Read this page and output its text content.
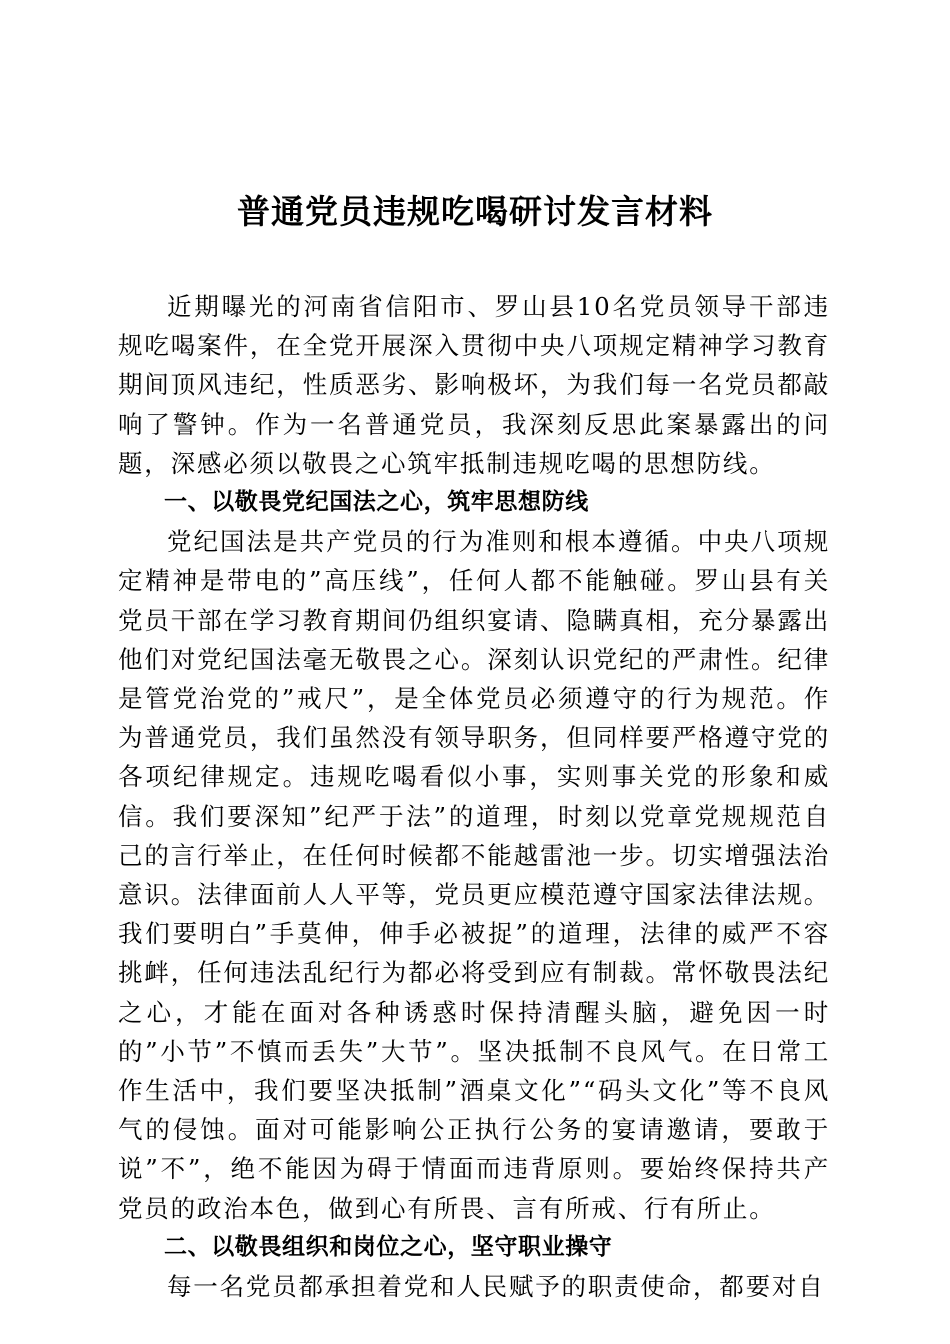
普通党员违规吃喝研讨发言材料

近期曝光的河南省信阳市、罗山县10名党员领导干部违规吃喝案件，在全党开展深入贯彻中央八项规定精神学习教育期间顶风违纪，性质恶劣、影响极坏，为我们每一名党员都敲响了警钟。作为一名普通党员，我深刻反思此案暴露出的问题，深感必须以敬畏之心筑牢抵制违规吃喝的思想防线。

一、以敬畏党纪国法之心，筑牢思想防线

党纪国法是共产党员的行为准则和根本遵循。中央八项规定精神是带电的”高压线”，任何人都不能触碰。罗山县有关党员干部在学习教育期间仍组织宴请、隐瞒真相，充分暴露出他们对党纪国法毫无敬畏之心。深刻认识党纪的严肃性。纪律是管党治党的”戒尺”，是全体党员必须遵守的行为规范。作为普通党员，我们虽然没有领导职务，但同样要严格遵守党的各项纪律规定。违规吃喝看似小事，实则事关党的形象和威信。我们要深知”纪严于法”的道理，时刻以党章党规规范自己的言行举止，在任何时候都不能越雷池一步。切实增强法治意识。法律面前人人平等，党员更应模范遵守国家法律法规。我们要明白”手莫伸，伸手必被捉”的道理，法律的威严不容挑衅，任何违法乱纪行为都必将受到应有制裁。常怀敬畏法纪之心，才能在面对各种诱惑时保持清醒头脑，避免因一时的”小节”不慎而丢失”大节”。坚决抵制不良风气。在日常工作生活中，我们要坚决抵制”酒桌文化”“码头文化”等不良风气的侵蚀。面对可能影响公正执行公务的宴请邀请，要敢于说”不”，绝不能因为碍于情面而违背原则。要始终保持共产党员的政治本色，做到心有所畏、言有所戒、行有所止。

二、以敬畏组织和岗位之心，坚守职业操守

每一名党员都承担着党和人民赋予的职责使命，都要对自
